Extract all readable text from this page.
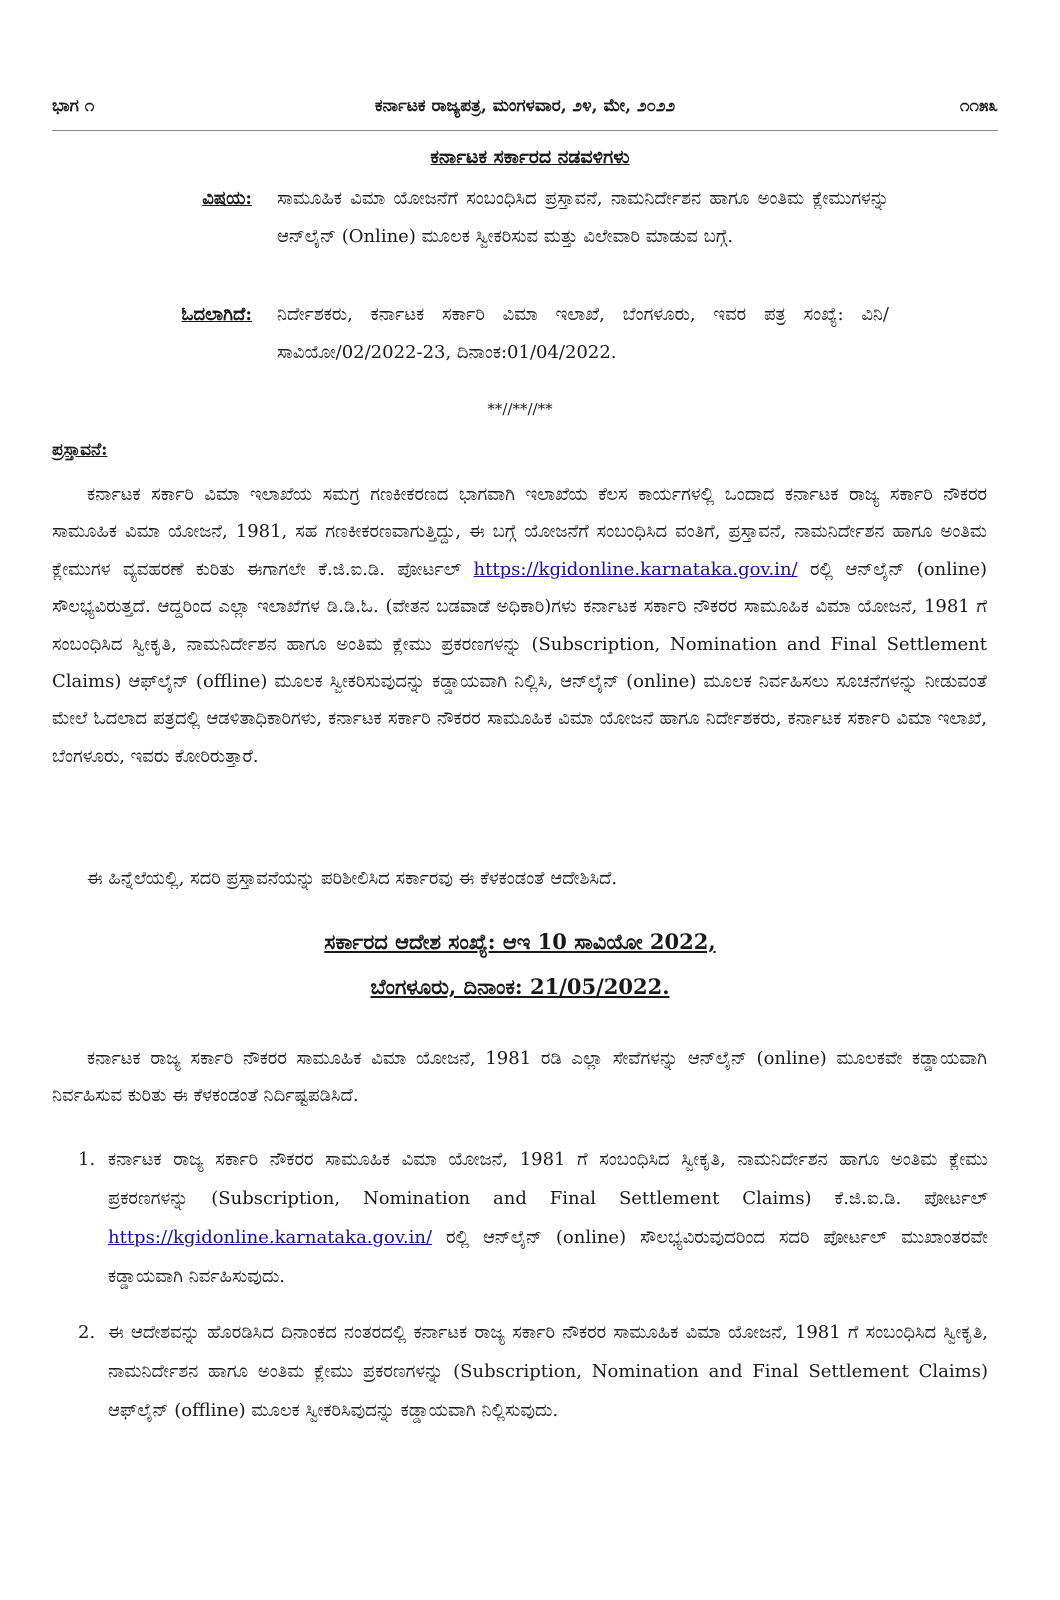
ಭಾಗ ೧	ಕರ್ನಾಟಕ ರಾಜ್ಯಪತ್ರ, ಮಂಗಳವಾರ, ೨೪, ಮೇ, ೨೦೨೨	೧೧೫೩
ಕರ್ನಾಟಕ ಸರ್ಕಾರದ ನಡವಳಿಗಳು
ವಿಷಯ: ಸಾಮೂಹಿಕ ವಿಮಾ ಯೋಜನೆಗೆ ಸಂಬಂಧಿಸಿದ ಪ್ರಸ್ತಾವನೆ, ನಾಮನಿರ್ದೇಶನ ಹಾಗೂ ಅಂತಿಮ ಕ್ಲೇಮುಗಳನ್ನು ಆನ್‌ಲೈನ್ (Online) ಮೂಲಕ ಸ್ವೀಕರಿಸುವ ಮತ್ತು ವಿಲೇವಾರಿ ಮಾಡುವ ಬಗ್ಗೆ.
ಓದಲಾಗಿದೆ: ನಿರ್ದೇಶಕರು, ಕರ್ನಾಟಕ ಸರ್ಕಾರಿ ವಿಮಾ ಇಲಾಖೆ, ಬೆಂಗಳೂರು, ಇವರ ಪತ್ರ ಸಂಖ್ಯೆ: ವಿನಿ/ಸಾವಿಯೋ/02/2022-23, ದಿನಾಂಕ:01/04/2022.
**//**//**
ಪ್ರಸ್ತಾವನೆ:
ಕರ್ನಾಟಕ ಸರ್ಕಾರಿ ವಿಮಾ ಇಲಾಖೆಯ ಸಮಗ್ರ ಗಣಕೀಕರಣದ ಭಾಗವಾಗಿ ಇಲಾಖೆಯ ಕೆಲಸ ಕಾರ್ಯಗಳಲ್ಲಿ ಒಂದಾದ ಕರ್ನಾಟಕ ರಾಜ್ಯ ಸರ್ಕಾರಿ ನೌಕರರ ಸಾಮೂಹಿಕ ವಿಮಾ ಯೋಜನೆ, 1981, ಸಹ ಗಣಕೀಕರಣವಾಗುತ್ತಿದ್ದು, ಈ ಬಗ್ಗೆ ಯೋಜನೆಗೆ ಸಂಬಂಧಿಸಿದ ವಂತಿಗೆ, ಪ್ರಸ್ತಾವನೆ, ನಾಮನಿರ್ದೇಶನ ಹಾಗೂ ಅಂತಿಮ ಕ್ಲೇಮುಗಳ ವ್ಯವಹರಣೆ ಕುರಿತು ಈಗಾಗಲೇ ಕೆ.ಜಿ.ಐ.ಡಿ. ಪೋರ್ಟಲ್ https://kgidonline.karnataka.gov.in/ ರಲ್ಲಿ ಆನ್‌ಲೈನ್ (online) ಸೌಲಭ್ಯವಿರುತ್ತದೆ. ಆದ್ದರಿಂದ ಎಲ್ಲಾ ಇಲಾಖೆಗಳ ಡಿ.ಡಿ.ಓ. (ವೇತನ ಬಡವಾಡೆ ಅಧಿಕಾರಿ)ಗಳು ಕರ್ನಾಟಕ ಸರ್ಕಾರಿ ನೌಕರರ ಸಾಮೂಹಿಕ ವಿಮಾ ಯೋಜನೆ, 1981 ಗೆ ಸಂಬಂಧಿಸಿದ ಸ್ವೀಕೃತಿ, ನಾಮನಿರ್ದೇಶನ ಹಾಗೂ ಅಂತಿಮ ಕ್ಲೇಮು ಪ್ರಕರಣಗಳನ್ನು (Subscription, Nomination and Final Settlement Claims) ಆಫ್‌ಲೈನ್ (offline) ಮೂಲಕ ಸ್ವೀಕರಿಸುವುದನ್ನು ಕಡ್ಡಾಯವಾಗಿ ನಿಲ್ಲಿಸಿ, ಆನ್‌ಲೈನ್ (online) ಮೂಲಕ ನಿರ್ವಹಿಸಲು ಸೂಚನೆಗಳನ್ನು ನೀಡುವಂತೆ ಮೇಲೆ ಓದಲಾದ ಪತ್ರದಲ್ಲಿ ಆಡಳಿತಾಧಿಕಾರಿಗಳು, ಕರ್ನಾಟಕ ಸರ್ಕಾರಿ ನೌಕರರ ಸಾಮೂಹಿಕ ವಿಮಾ ಯೋಜನೆ ಹಾಗೂ ನಿರ್ದೇಶಕರು, ಕರ್ನಾಟಕ ಸರ್ಕಾರಿ ವಿಮಾ ಇಲಾಖೆ, ಬೆಂಗಳೂರು, ಇವರು ಕೋರಿರುತ್ತಾರೆ.
ಈ ಹಿನ್ನೆಲೆಯಲ್ಲಿ, ಸದರಿ ಪ್ರಸ್ತಾವನೆಯನ್ನು ಪರಿಶೀಲಿಸಿದ ಸರ್ಕಾರವು ಈ ಕೆಳಕಂಡಂತೆ ಆದೇಶಿಸಿದೆ.
ಸರ್ಕಾರದ ಆದೇಶ ಸಂಖ್ಯೆ: ಆಇ 10 ಸಾವಿಯೋ 2022,
ಬೆಂಗಳೂರು, ದಿನಾಂಕ: 21/05/2022.
ಕರ್ನಾಟಕ ರಾಜ್ಯ ಸರ್ಕಾರಿ ನೌಕರರ ಸಾಮೂಹಿಕ ವಿಮಾ ಯೋಜನೆ, 1981 ರಡಿ ಎಲ್ಲಾ ಸೇವೆಗಳನ್ನು ಆನ್‌ಲೈನ್ (online) ಮೂಲಕವೇ ಕಡ್ಡಾಯವಾಗಿ ನಿರ್ವಹಿಸುವ ಕುರಿತು ಈ ಕೆಳಕಂಡಂತೆ ನಿರ್ದಿಷ್ಟಪಡಿಸಿದೆ.
1. ಕರ್ನಾಟಕ ರಾಜ್ಯ ಸರ್ಕಾರಿ ನೌಕರರ ಸಾಮೂಹಿಕ ವಿಮಾ ಯೋಜನೆ, 1981 ಗೆ ಸಂಬಂಧಿಸಿದ ಸ್ವೀಕೃತಿ, ನಾಮನಿರ್ದೇಶನ ಹಾಗೂ ಅಂತಿಮ ಕ್ಲೇಮು ಪ್ರಕರಣಗಳನ್ನು (Subscription, Nomination and Final Settlement Claims) ಕೆ.ಜಿ.ಐ.ಡಿ. ಪೋರ್ಟಲ್ https://kgidonline.karnataka.gov.in/ ರಲ್ಲಿ ಆನ್‌ಲೈನ್ (online) ಸೌಲಭ್ಯವಿರುವುದರಿಂದ ಸದರಿ ಪೋರ್ಟಲ್ ಮುಖಾಂತರವೇ ಕಡ್ಡಾಯವಾಗಿ ನಿರ್ವಹಿಸುವುದು.
2. ಈ ಆದೇಶವನ್ನು ಹೊರಡಿಸಿದ ದಿನಾಂಕದ ನಂತರದಲ್ಲಿ ಕರ್ನಾಟಕ ರಾಜ್ಯ ಸರ್ಕಾರಿ ನೌಕರರ ಸಾಮೂಹಿಕ ವಿಮಾ ಯೋಜನೆ, 1981 ಗೆ ಸಂಬಂಧಿಸಿದ ಸ್ವೀಕೃತಿ, ನಾಮನಿರ್ದೇಶನ ಹಾಗೂ ಅಂತಿಮ ಕ್ಲೇಮು ಪ್ರಕರಣಗಳನ್ನು (Subscription, Nomination and Final Settlement Claims) ಆಫ್‌ಲೈನ್ (offline) ಮೂಲಕ ಸ್ವೀಕರಿಸಿವುದನ್ನು ಕಡ್ಡಾಯವಾಗಿ ನಿಲ್ಲಿಸುವುದು.
